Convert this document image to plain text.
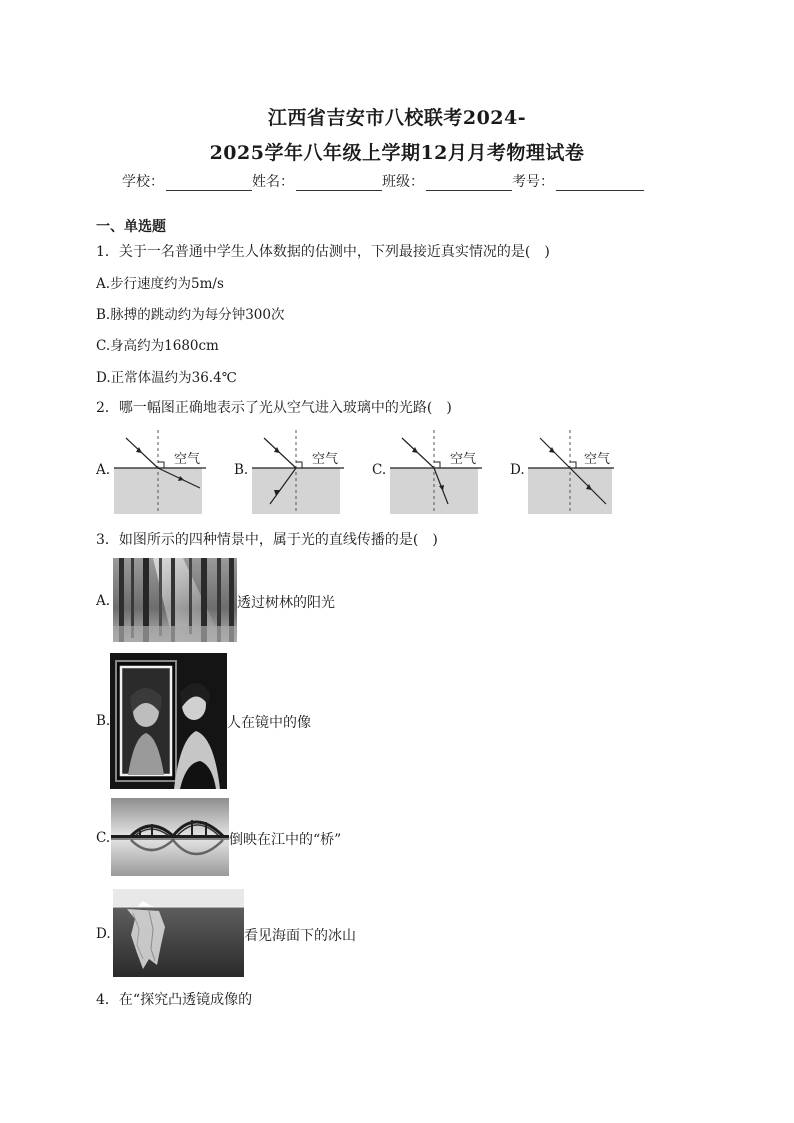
江西省吉安市八校联考2024-
2025学年八年级上学期12月月考物理试卷
学校：	姓名：	班级：	考号：
一、单选题
1．关于一名普通中学生人体数据的估测中，下列最接近真实情况的是(　)
A.步行速度约为5m/s
B.脉搏的跳动约为每分钟300次
C.身高约为1680cm
D.正常体温约为36.4℃
2．哪一幅图正确地表示了光从空气进入玻璃中的光路(　)
A.
空气
B.
空气
C.
空气
D.
空气
3．如图所示的四种情景中，属于光的直线传播的是(　)
A.	透过树林的阳光
B.	人在镜中的像
C.	倒映在江中的“桥”
D.	看见海面下的冰山
4．在“探究凸透镜成像的
